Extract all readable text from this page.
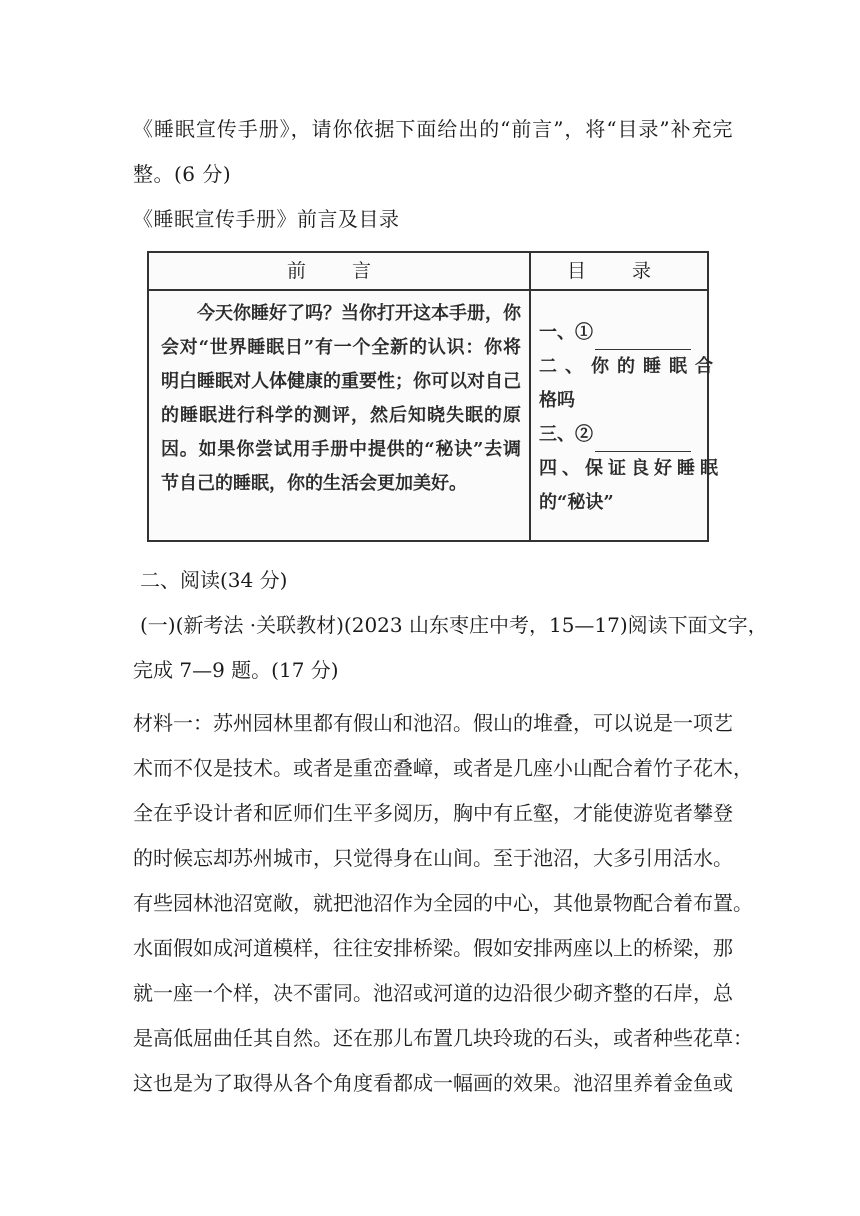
《睡眠宣传手册》，请你依据下面给出的“前言”，将“目录”补充完
整。(6 分)
《睡眠宣传手册》前言及目录
前 言
今天你睡好了吗？当你打开这本手册，你会对“世界睡眠日”有一个全新的认识：你将明白睡眠对人体健康的重要性；你可以对自己的睡眠进行科学的测评，然后知晓失眠的原因。如果你尝试用手册中提供的“秘诀”去调节自己的睡眠，你的生活会更加美好。
目 录
一、①
二、你的睡眠合
格吗
三、②
四、保证良好睡眠
的“秘诀”
二、阅读(34 分)
(一)(新考法 ·关联教材)(2023 山东枣庄中考，15—17)阅读下面文字，
完成 7—9 题。(17 分)
材料一：苏州园林里都有假山和池沼。假山的堆叠，可以说是一项艺
术而不仅是技术。或者是重峦叠嶂，或者是几座小山配合着竹子花木，
全在乎设计者和匠师们生平多阅历，胸中有丘壑，才能使游览者攀登
的时候忘却苏州城市，只觉得身在山间。至于池沼，大多引用活水。
有些园林池沼宽敞，就把池沼作为全园的中心，其他景物配合着布置。
水面假如成河道模样，往往安排桥梁。假如安排两座以上的桥梁，那
就一座一个样，决不雷同。池沼或河道的边沿很少砌齐整的石岸，总
是高低屈曲任其自然。还在那儿布置几块玲珑的石头，或者种些花草：
这也是为了取得从各个角度看都成一幅画的效果。池沼里养着金鱼或
